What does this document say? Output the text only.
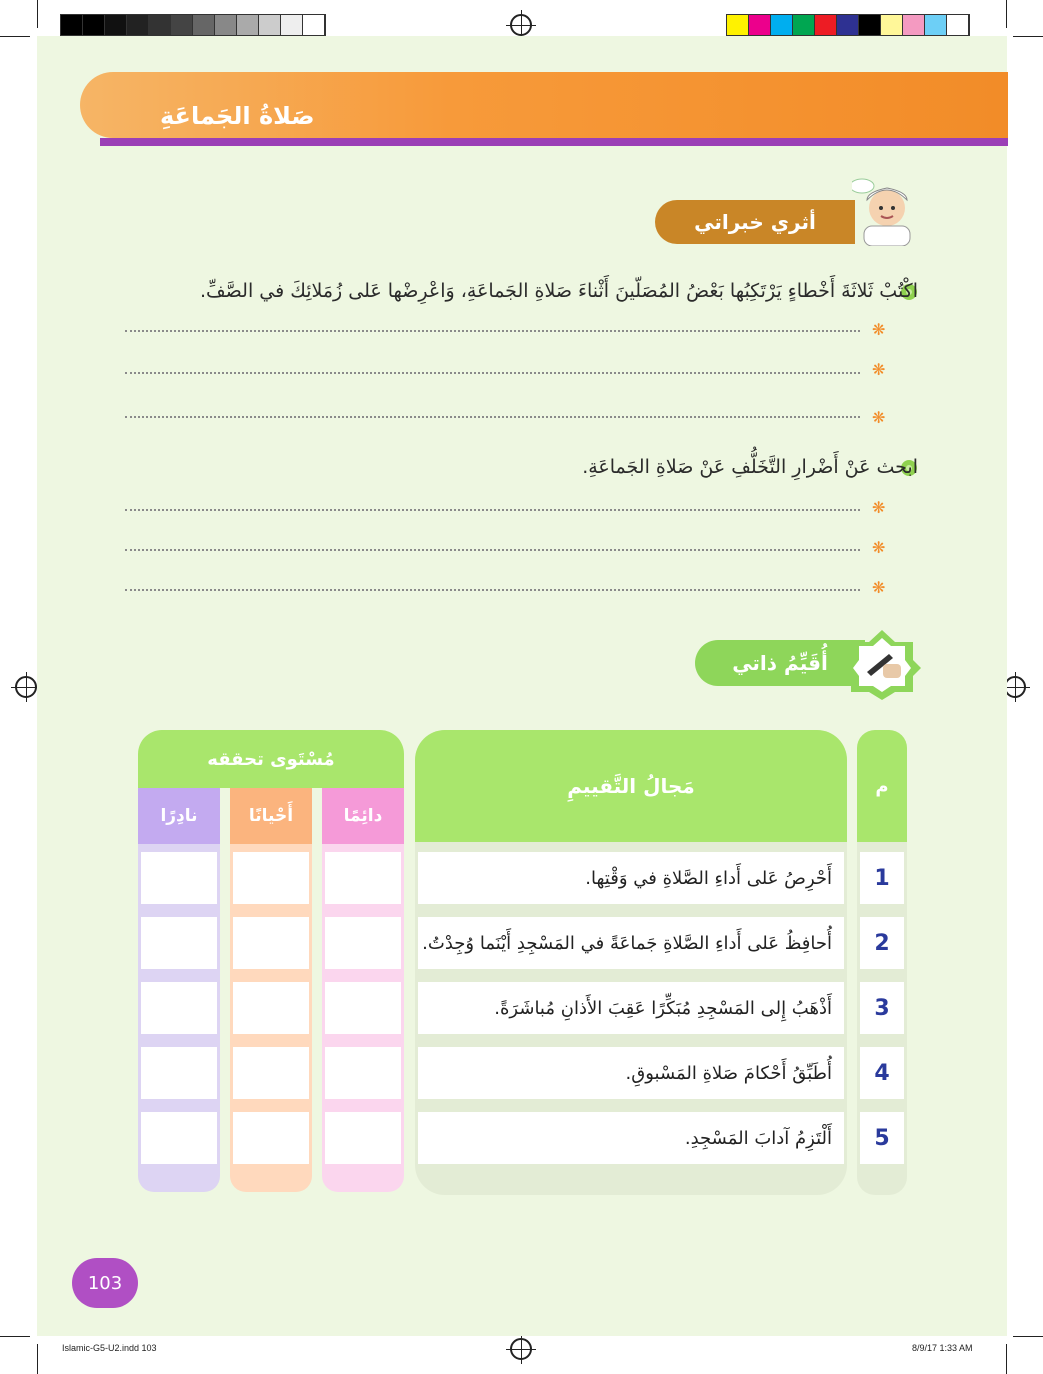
صَلاةُ الجَماعَةِ
أثري خبراتي
اكْتُبْ ثَلاثَةَ أَخْطاءٍ يَرْتَكِبُها بَعْضُ المُصَلّينَ أَثْناءَ صَلاةِ الجَماعَةِ، وَاعْرِضْها عَلى زُمَلائِكَ في الصَّفِّ.
❋
❋
❋
ابحث عَنْ أَضْرارِ التَّخَلُّفِ عَنْ صَلاةِ الجَماعَةِ.
❋
❋
❋
أُقَيِّمُ ذاتي
م
مَجالُ التَّقييمِ
1
أَحْرِصُ عَلى أَداءِ الصَّلاةِ في وَقْتِها.
2
أُحافِظُ عَلى أَداءِ الصَّلاةِ جَماعَةً في المَسْجِدِ أَيْنَما وُجِدْتُ.
3
أَذْهَبُ إِلى المَسْجِدِ مُبَكِّرًا عَقِبَ الأَذانِ مُباشَرَةً.
4
أُطَبِّقُ أَحْكامَ صَلاةِ المَسْبوقِ.
5
أَلْتَزِمُ آدابَ المَسْجِدِ.
مُسْتَوى تحققه
دائِمًا
أَحْيانًا
نادِرًا
103
Islamic-G5-U2.indd 103	8/9/17 1:33 AM
